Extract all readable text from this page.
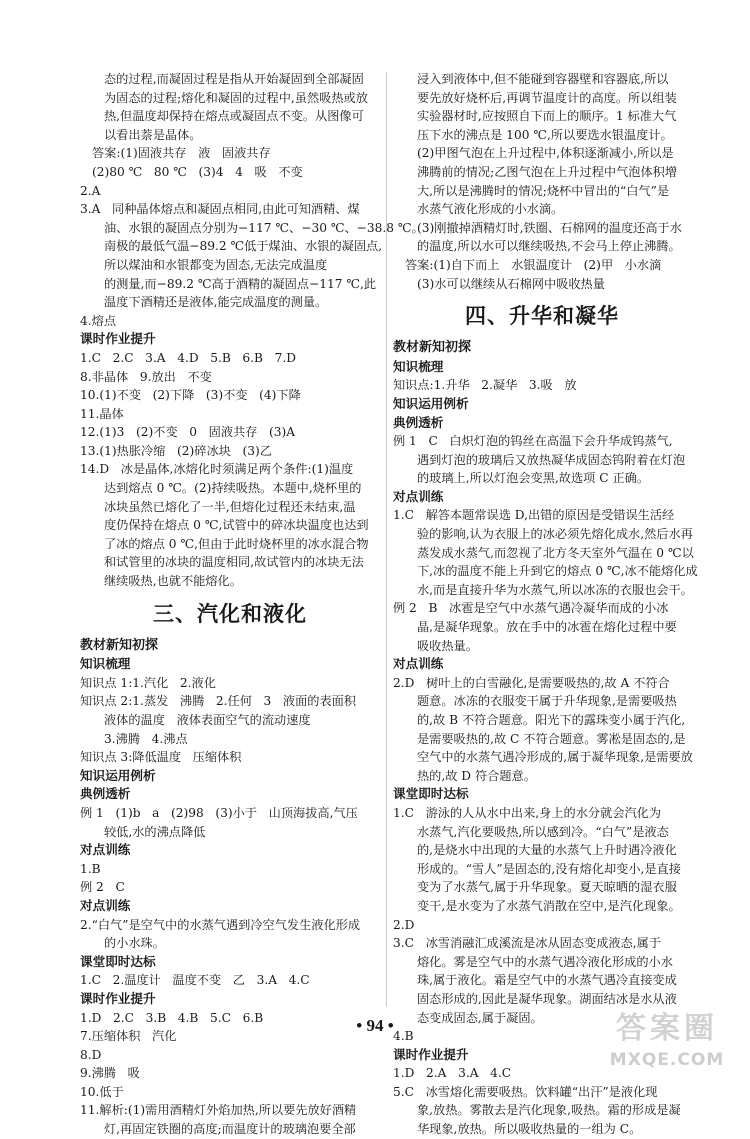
态的过程,而凝固过程是指从开始凝固到全部凝固
为固态的过程;熔化和凝固的过程中,虽然吸热或放
热,但温度却保持在熔点或凝固点不变。从图像可
以看出萘是晶体。
答案:(1)固液共存   液   固液共存
(2)80 ℃   80 ℃   (3)4   4   吸   不变
2.A
3.A   同种晶体熔点和凝固点相同,由此可知酒精、煤
油、水银的凝固点分别为−117 ℃、−30 ℃、−38.8 ℃。
南极的最低气温−89.2 ℃低于煤油、水银的凝固点,
所以煤油和水银都变为固态,无法完成温度
的测量,而−89.2 ℃高于酒精的凝固点−117 ℃,此
温度下酒精还是液体,能完成温度的测量。
4.熔点
课时作业提升
1.C   2.C   3.A   4.D   5.B   6.B   7.D
8.非晶体   9.放出   不变
10.(1)不变   (2)下降   (3)不变   (4)下降
11.晶体
12.(1)3   (2)不变   0   固液共存   (3)A
13.(1)热胀冷缩   (2)碎冰块   (3)乙
14.D   冰是晶体,冰熔化时须满足两个条件:(1)温度
达到熔点 0 ℃。(2)持续吸热。本题中,烧杯里的
冰块虽然已熔化了一半,但熔化过程还未结束,温
度仍保持在熔点 0 ℃,试管中的碎冰块温度也达到
了冰的熔点 0 ℃,但由于此时烧杯里的冰水混合物
和试管里的冰块的温度相同,故试管内的冰块无法
继续吸热,也就不能熔化。
三、汽化和液化
教材新知初探
知识梳理
知识点 1:1.汽化   2.液化
知识点 2:1.蒸发   沸腾   2.任何   3   液面的表面积
液体的温度   液体表面空气的流动速度
3.沸腾   4.沸点
知识点 3:降低温度   压缩体积
知识运用例析
典例透析
例 1   (1)b   a   (2)98   (3)小于   山顶海拔高,气压
较低,水的沸点降低
对点训练
1.B
例 2   C
对点训练
2.“白气”是空气中的水蒸气遇到冷空气发生液化形成
的小水珠。
课堂即时达标
1.C   2.温度计   温度不变   乙   3.A   4.C
课时作业提升
1.D   2.C   3.B   4.B   5.C   6.B
7.压缩体积   汽化
8.D
9.沸腾   吸
10.低于
11.解析:(1)需用酒精灯外焰加热,所以要先放好酒精
灯,再固定铁圈的高度;而温度计的玻璃泡要全部
浸入到液体中,但不能碰到容器壁和容器底,所以
要先放好烧杯后,再调节温度计的高度。所以组装
实验器材时,应按照自下而上的顺序。1 标准大气
压下水的沸点是 100 ℃,所以要选水银温度计。
(2)甲图气泡在上升过程中,体积逐渐减小,所以是
沸腾前的情况;乙图气泡在上升过程中气泡体积增
大,所以是沸腾时的情况;烧杯中冒出的“白气”是
水蒸气液化形成的小水滴。
(3)刚撤掉酒精灯时,铁圈、石棉网的温度还高于水
的温度,所以水可以继续吸热,不会马上停止沸腾。
答案:(1)自下而上   水银温度计   (2)甲   小水滴
(3)水可以继续从石棉网中吸收热量
四、升华和凝华
教材新知初探
知识梳理
知识点:1.升华   2.凝华   3.吸   放
知识运用例析
典例透析
例 1   C   白炽灯泡的钨丝在高温下会升华成钨蒸气,
遇到灯泡的玻璃后又放热凝华成固态钨附着在灯泡
的玻璃上,所以灯泡会变黑,故选项 C 正确。
对点训练
1.C   解答本题常误选 D,出错的原因是受错误生活经
验的影响,认为衣服上的冰必须先熔化成水,然后水再
蒸发成水蒸气,而忽视了北方冬天室外气温在 0 ℃以
下,冰的温度不能上升到它的熔点 0 ℃,冰不能熔化成
水,而是直接升华为水蒸气,所以冰冻的衣服也会干。
例 2   B   冰雹是空气中水蒸气遇冷凝华而成的小冰
晶,是凝华现象。放在手中的冰雹在熔化过程中要
吸收热量。
对点训练
2.D   树叶上的白雪融化,是需要吸热的,故 A 不符合
题意。冰冻的衣服变干属于升华现象,是需要吸热
的,故 B 不符合题意。阳光下的露珠变小属于汽化,
是需要吸热的,故 C 不符合题意。雾凇是固态的,是
空气中的水蒸气遇冷形成的,属于凝华现象,是需要放
热的,故 D 符合题意。
课堂即时达标
1.C   游泳的人从水中出来,身上的水分就会汽化为
水蒸气,汽化要吸热,所以感到冷。“白气”是液态
的,是烧水中出现的大量的水蒸气上升时遇冷液化
形成的。“雪人”是固态的,没有熔化却变小,是直接
变为了水蒸气,属于升华现象。夏天晾晒的湿衣服
变干,是水变为了水蒸气消散在空中,是汽化现象。
2.D
3.C   冰雪消融汇成溪流是冰从固态变成液态,属于
熔化。雾是空气中的水蒸气遇冷液化形成的小水
珠,属于液化。霜是空气中的水蒸气遇冷直接变成
固态形成的,因此是凝华现象。湖面结冰是水从液
态变成固态,属于凝固。
4.B
课时作业提升
1.D   2.A   3.A   4.C
5.C   冰雪熔化需要吸热。饮料罐“出汗”是液化现
象,放热。雾散去是汽化现象,吸热。霜的形成是凝
华现象,放热。所以吸收热量的一组为 C。
• 94 •	答案圈
MXQE.COM
